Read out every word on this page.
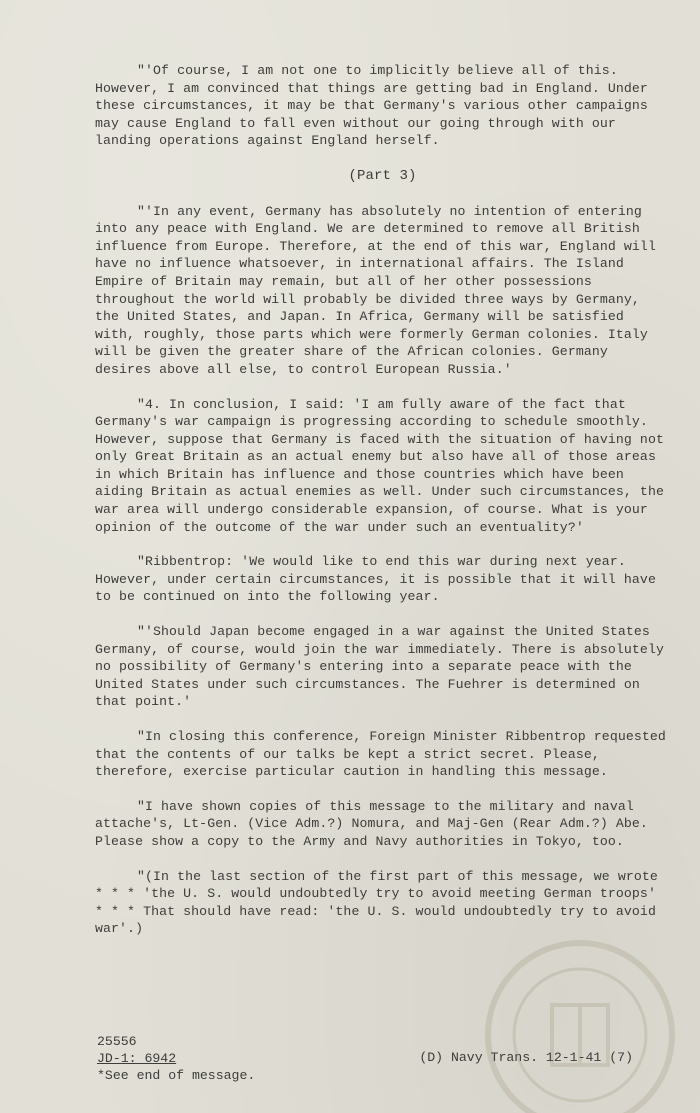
"'Of course, I am not one to implicitly believe all of this. However, I am convinced that things are getting bad in England. Under these circumstances, it may be that Germany's various other campaigns may cause England to fall even without our going through with our landing operations against England herself.

(Part 3)

"'In any event, Germany has absolutely no intention of entering into any peace with England. We are determined to remove all British influence from Europe. Therefore, at the end of this war, England will have no influence whatsoever, in international affairs. The Island Empire of Britain may remain, but all of her other possessions throughout the world will probably be divided three ways by Germany, the United States, and Japan. In Africa, Germany will be satisfied with, roughly, those parts which were formerly German colonies. Italy will be given the greater share of the African colonies. Germany desires above all else, to control European Russia.'

"4. In conclusion, I said: 'I am fully aware of the fact that Germany's war campaign is progressing according to schedule smoothly. However, suppose that Germany is faced with the situation of having not only Great Britain as an actual enemy but also have all of those areas in which Britain has influence and those countries which have been aiding Britain as actual enemies as well. Under such circumstances, the war area will undergo considerable expansion, of course. What is your opinion of the outcome of the war under such an eventuality?'

"Ribbentrop: 'We would like to end this war during next year. However, under certain circumstances, it is possible that it will have to be continued on into the following year.

"'Should Japan become engaged in a war against the United States Germany, of course, would join the war immediately. There is absolutely no possibility of Germany's entering into a separate peace with the United States under such circumstances. The Fuehrer is determined on that point.'

"In closing this conference, Foreign Minister Ribbentrop requested that the contents of our talks be kept a strict secret. Please, therefore, exercise particular caution in handling this message.

"I have shown copies of this message to the military and naval attache's, Lt-Gen. (Vice Adm.?) Nomura, and Maj-Gen (Rear Adm.?) Abe. Please show a copy to the Army and Navy authorities in Tokyo, too.

"(In the last section of the first part of this message, we wrote * * * 'the U. S. would undoubtedly try to avoid meeting German troops' * * * That should have read: 'the U. S. would undoubtedly try to avoid war'.)

25556
JD-1: 6942
*See end of message.
(D) Navy Trans. 12-1-41 (7)
